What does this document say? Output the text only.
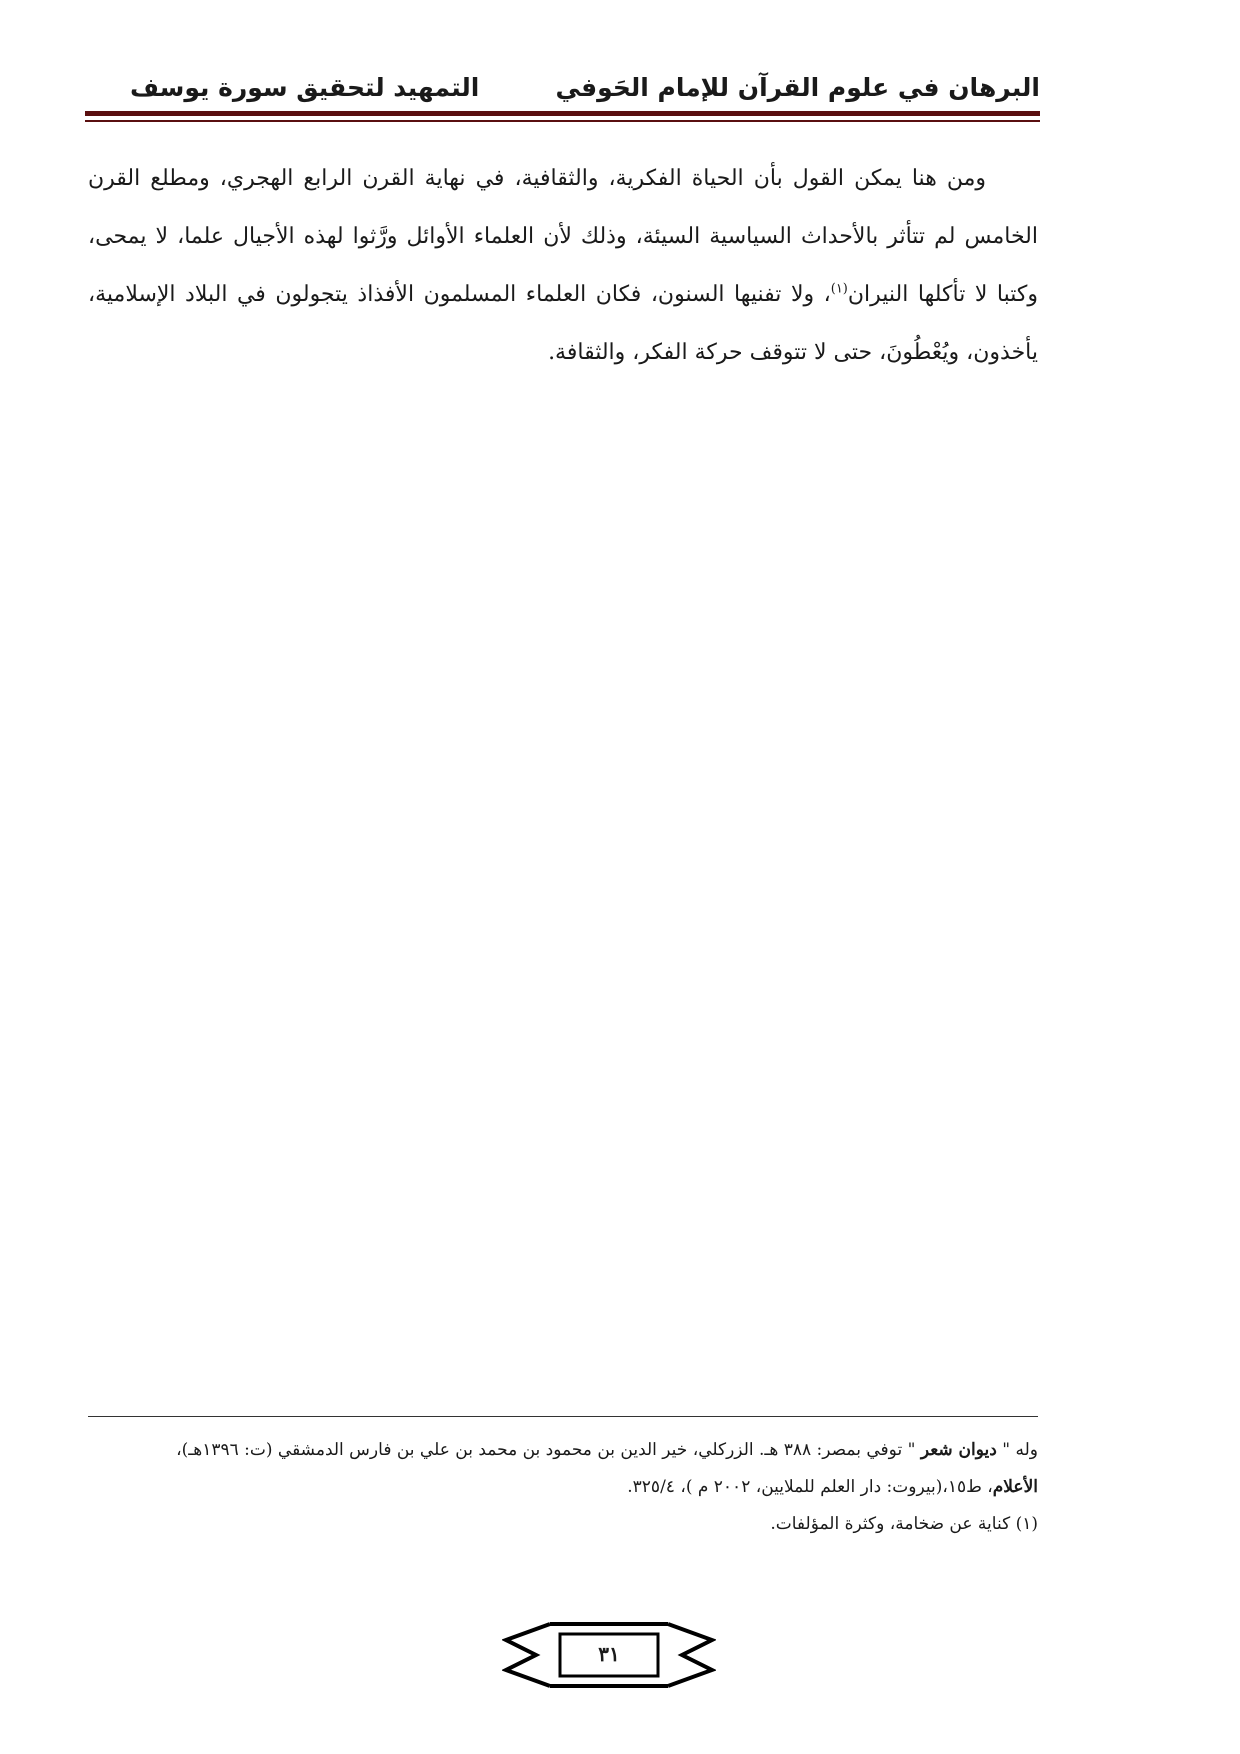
البرهان في علوم القرآن للإمام الحَوفي
التمهيد لتحقيق سورة يوسف

ومن هنا يمكن القول بأن الحياة الفكرية، والثقافية، في نهاية القرن الرابع الهجري، ومطلع القرن الخامس لم تتأثر بالأحداث السياسية السيئة، وذلك لأن العلماء الأوائل ورَّثوا لهذه الأجيال علما، لا يمحى، وكتبا لا تأكلها النيران$^{(١)}$، ولا تفنيها السنون، فكان العلماء المسلمون الأفذاذ يتجولون في البلاد الإسلامية، يأخذون، ويُعْطُونَ، حتى لا تتوقف حركة الفكر، والثقافة.

وله " ديوان شعر " توفي بمصر: ٣٨٨ هـ. الزركلي، خير الدين بن محمود بن محمد بن علي بن فارس الدمشقي (ت: ١٣٩٦هـ)،

الأعلام، ط١٥،(بيروت: دار العلم للملايين، ٢٠٠٢ م )، ٣٢٥/٤.

(١) كناية عن ضخامة، وكثرة المؤلفات.

٣١
